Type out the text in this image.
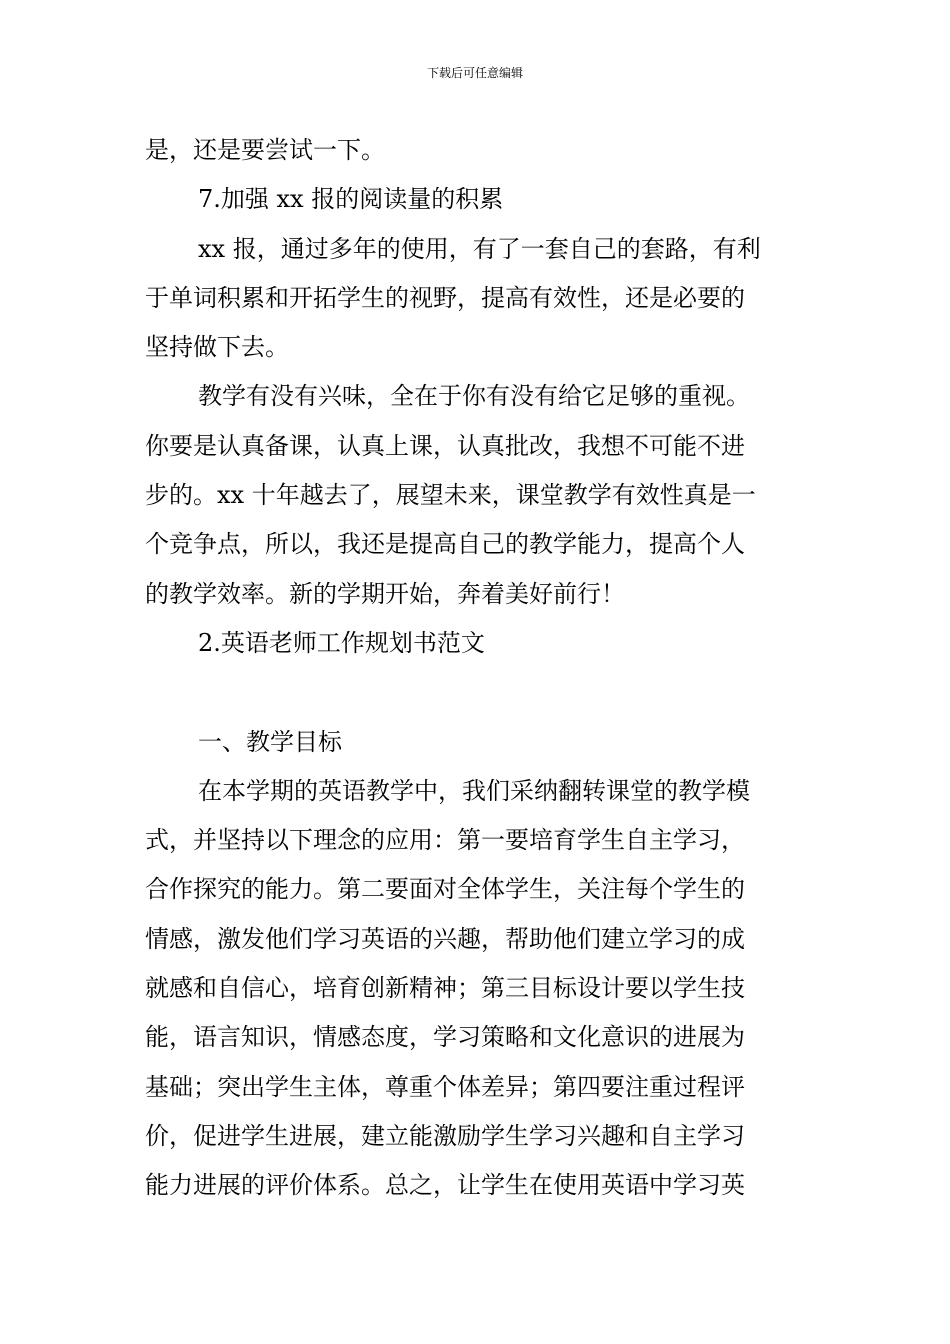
下载后可任意编辑
是，还是要尝试一下。
7.加强 xx 报的阅读量的积累
xx 报，通过多年的使用，有了一套自己的套路，有利
于单词积累和开拓学生的视野，提高有效性，还是必要的
坚持做下去。
教学有没有兴味，全在于你有没有给它足够的重视。
你要是认真备课，认真上课，认真批改，我想不可能不进
步的。xx 十年越去了，展望未来，课堂教学有效性真是一
个竞争点，所以，我还是提高自己的教学能力，提高个人
的教学效率。新的学期开始，奔着美好前行！
2.英语老师工作规划书范文
一、教学目标
在本学期的英语教学中，我们采纳翻转课堂的教学模
式，并坚持以下理念的应用：第一要培育学生自主学习，
合作探究的能力。第二要面对全体学生，关注每个学生的
情感，激发他们学习英语的兴趣，帮助他们建立学习的成
就感和自信心，培育创新精神；第三目标设计要以学生技
能，语言知识，情感态度，学习策略和文化意识的进展为
基础；突出学生主体，尊重个体差异；第四要注重过程评
价，促进学生进展，建立能激励学生学习兴趣和自主学习
能力进展的评价体系。总之，让学生在使用英语中学习英
